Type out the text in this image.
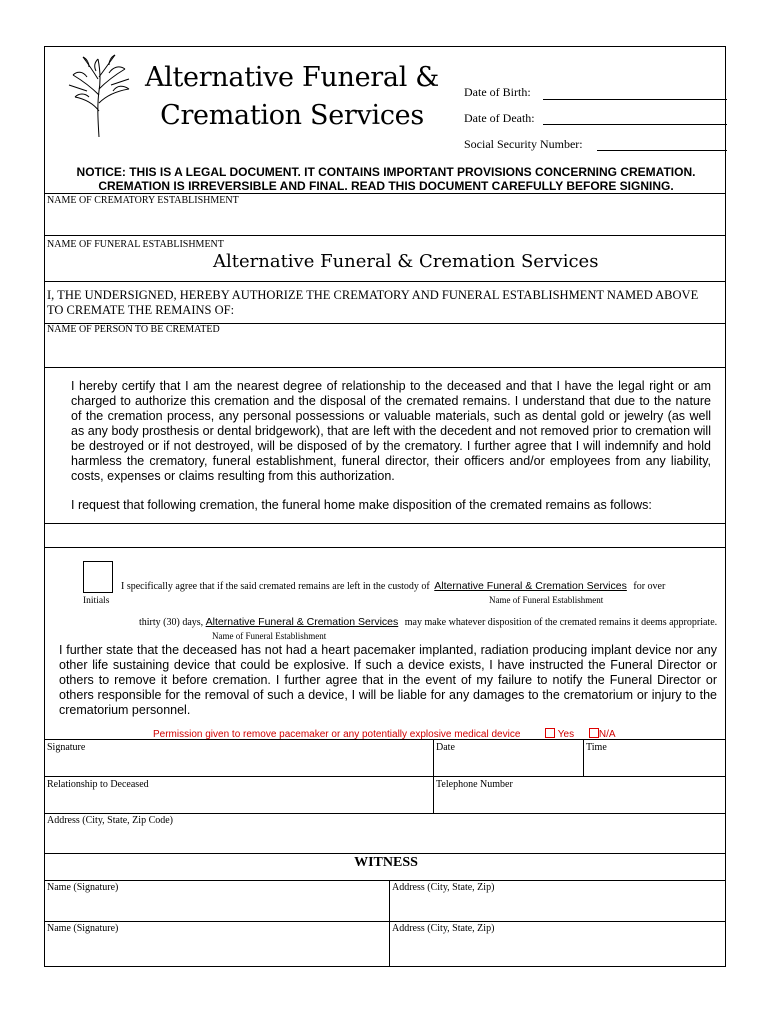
Alternative Funeral &
Cremation Services
Date of Birth:
Date of Death:
Social Security Number:
NOTICE: THIS IS A LEGAL DOCUMENT. IT CONTAINS IMPORTANT PROVISIONS CONCERNING CREMATION.
CREMATION IS IRREVERSIBLE AND FINAL. READ THIS DOCUMENT CAREFULLY BEFORE SIGNING.
NAME OF CREMATORY ESTABLISHMENT
NAME OF FUNERAL ESTABLISHMENT
Alternative Funeral & Cremation Services
I, THE UNDERSIGNED, HEREBY AUTHORIZE THE CREMATORY AND FUNERAL ESTABLISHMENT NAMED ABOVE
TO CREMATE THE REMAINS OF:
NAME OF PERSON TO BE CREMATED
I hereby certify that I am the nearest degree of relationship to the deceased and that I have the legal right or am charged to authorize this cremation and the disposal of the cremated remains. I understand that due to the nature of the cremation process, any personal possessions or valuable materials, such as dental gold or jewelry (as well as any body prosthesis or dental bridgework), that are left with the decedent and not removed prior to cremation will be destroyed or if not destroyed, will be disposed of by the crematory. I further agree that I will indemnify and hold harmless the crematory, funeral establishment, funeral director, their officers and/or employees from any liability, costs, expenses or claims resulting from this authorization.
I request that following cremation, the funeral home make disposition of the cremated remains as follows:
Initials
I specifically agree that if the said cremated remains are left in the custody of Alternative Funeral & Cremation Services for over
Name of Funeral Establishment
thirty (30) days, Alternative Funeral & Cremation Services may make whatever disposition of the cremated remains it deems appropriate.
Name of Funeral Establishment
I further state that the deceased has not had a heart pacemaker implanted, radiation producing implant device nor any other life sustaining device that could be explosive. If such a device exists, I have instructed the Funeral Director or others to remove it before cremation. I further agree that in the event of my failure to notify the Funeral Director or others responsible for the removal of such a device, I will be liable for any damages to the crematorium or injury to the crematorium personnel.
Permission given to remove pacemaker or any potentially explosive medical device	Yes N/A
Signature	Date	Time
Relationship to Deceased	Telephone Number
Address (City, State, Zip Code)
WITNESS
Name (Signature)	Address (City, State, Zip)
Name (Signature)	Address (City, State, Zip)
